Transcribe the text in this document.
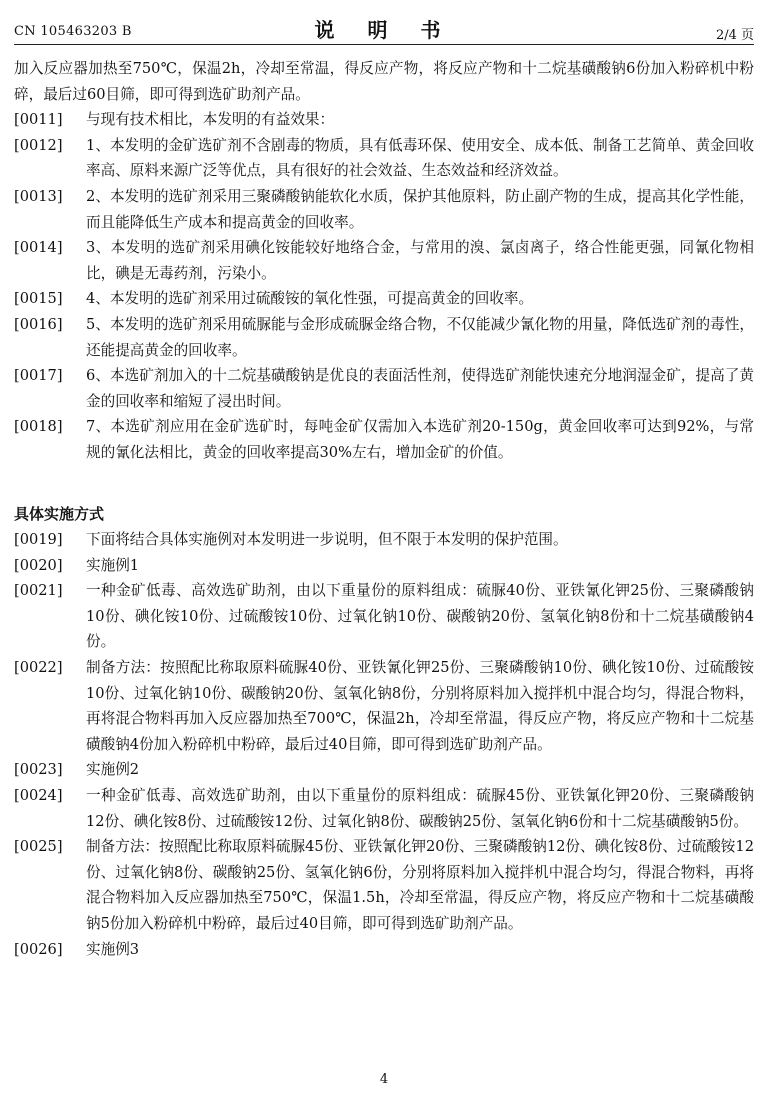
CN 105463203 B	说 明 书	2/4 页

加入反应器加热至750℃，保温2h，冷却至常温，得反应产物，将反应产物和十二烷基磺酸钠6份加入粉碎机中粉碎，最后过60目筛，即可得到选矿助剂产品。

[0011]	与现有技术相比，本发明的有益效果：
[0012]	1、本发明的金矿选矿剂不含剧毒的物质，具有低毒环保、使用安全、成本低、制备工艺简单、黄金回收率高、原料来源广泛等优点，具有很好的社会效益、生态效益和经济效益。
[0013]	2、本发明的选矿剂采用三聚磷酸钠能软化水质，保护其他原料，防止副产物的生成，提高其化学性能，而且能降低生产成本和提高黄金的回收率。
[0014]	3、本发明的选矿剂采用碘化铵能较好地络合金，与常用的溴、氯卤离子，络合性能更强，同氰化物相比，碘是无毒药剂，污染小。
[0015]	4、本发明的选矿剂采用过硫酸铵的氧化性强，可提高黄金的回收率。
[0016]	5、本发明的选矿剂采用硫脲能与金形成硫脲金络合物，不仅能减少氰化物的用量，降低选矿剂的毒性，还能提高黄金的回收率。
[0017]	6、本选矿剂加入的十二烷基磺酸钠是优良的表面活性剂，使得选矿剂能快速充分地润湿金矿，提高了黄金的回收率和缩短了浸出时间。
[0018]	7、本选矿剂应用在金矿选矿时，每吨金矿仅需加入本选矿剂20-150g，黄金回收率可达到92%，与常规的氰化法相比，黄金的回收率提高30%左右，增加金矿的价值。
具体实施方式
[0019]	下面将结合具体实施例对本发明进一步说明，但不限于本发明的保护范围。
[0020]	实施例1
[0021]	一种金矿低毒、高效选矿助剂，由以下重量份的原料组成：硫脲40份、亚铁氰化钾25份、三聚磷酸钠10份、碘化铵10份、过硫酸铵10份、过氧化钠10份、碳酸钠20份、氢氧化钠8份和十二烷基磺酸钠4份。
[0022]	制备方法：按照配比称取原料硫脲40份、亚铁氰化钾25份、三聚磷酸钠10份、碘化铵10份、过硫酸铵10份、过氧化钠10份、碳酸钠20份、氢氧化钠8份，分别将原料加入搅拌机中混合均匀，得混合物料，再将混合物料再加入反应器加热至700℃，保温2h，冷却至常温，得反应产物，将反应产物和十二烷基磺酸钠4份加入粉碎机中粉碎，最后过40目筛，即可得到选矿助剂产品。
[0023]	实施例2
[0024]	一种金矿低毒、高效选矿助剂，由以下重量份的原料组成：硫脲45份、亚铁氰化钾20份、三聚磷酸钠12份、碘化铵8份、过硫酸铵12份、过氧化钠8份、碳酸钠25份、氢氧化钠6份和十二烷基磺酸钠5份。
[0025]	制备方法：按照配比称取原料硫脲45份、亚铁氰化钾20份、三聚磷酸钠12份、碘化铵8份、过硫酸铵12份、过氧化钠8份、碳酸钠25份、氢氧化钠6份，分别将原料加入搅拌机中混合均匀，得混合物料，再将混合物料加入反应器加热至750℃，保温1.5h，冷却至常温，得反应产物，将反应产物和十二烷基磺酸钠5份加入粉碎机中粉碎，最后过40目筛，即可得到选矿助剂产品。
[0026]	实施例3
4
